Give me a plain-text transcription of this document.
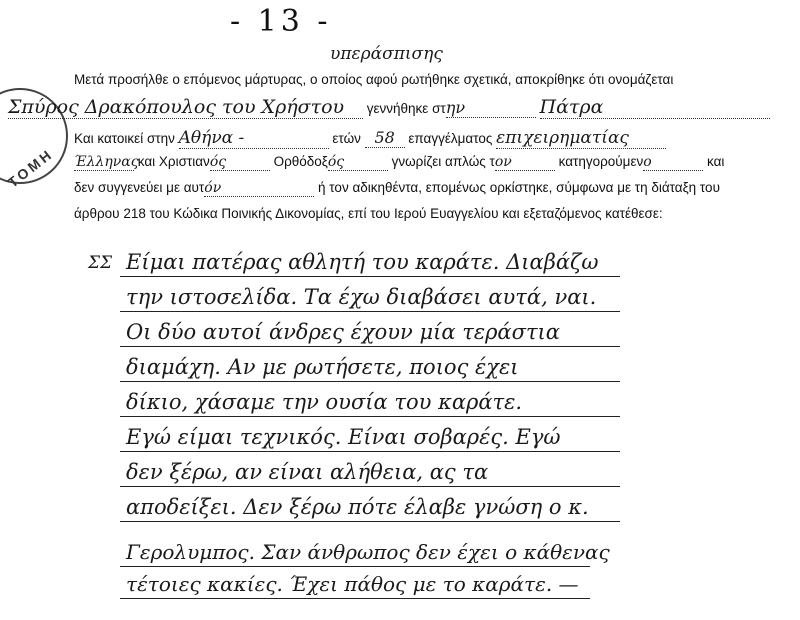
- 13 -
ΤΟΜΗ
υπεράσπισης
Μετά προσήλθε ο επόμενος μάρτυρας, ο οποίος αφού ρωτήθηκε σχετικά, αποκρίθηκε ότι ονομάζεται
Σπύρος Δρακόπουλος του Χρήστου γεννήθηκε στην	Πάτρα
Και κατοικεί στην Αθήνα -	ετών 58 επαγγέλματος επιχειρηματίας
Έλληνας και Χριστιανός	Ορθόδοξός	γνωρίζει απλώς τον	κατηγορούμενο	και
δεν συγγενεύει με αυτόν	ή τον αδικηθέντα, επομένως ορκίστηκε, σύμφωνα με τη διάταξη του
άρθρου 218 του Κώδικα Ποινικής Δικονομίας, επί του Ιερού Ευαγγελίου και εξεταζόμενος κατέθεσε:
ΣΣ Είμαι πατέρας αθλητή του καράτε. Διαβάζω
την ιστοσελίδα. Τα έχω διαβάσει αυτά, ναι.
Οι δύο αυτοί άνδρες έχουν μία τεράστια
διαμάχη. Αν με ρωτήσετε, ποιος έχει
δίκιο, χάσαμε την ουσία του καράτε.
Εγώ είμαι τεχνικός. Είναι σοβαρές. Εγώ
δεν ξέρω, αν είναι αλήθεια, ας τα
αποδείξει. Δεν ξέρω πότε έλαβε γνώση ο κ.
Γερολυμπος. Σαν άνθρωπος δεν έχει ο κάθενας
τέτοιες κακίες. Έχει πάθος με το καράτε. —
